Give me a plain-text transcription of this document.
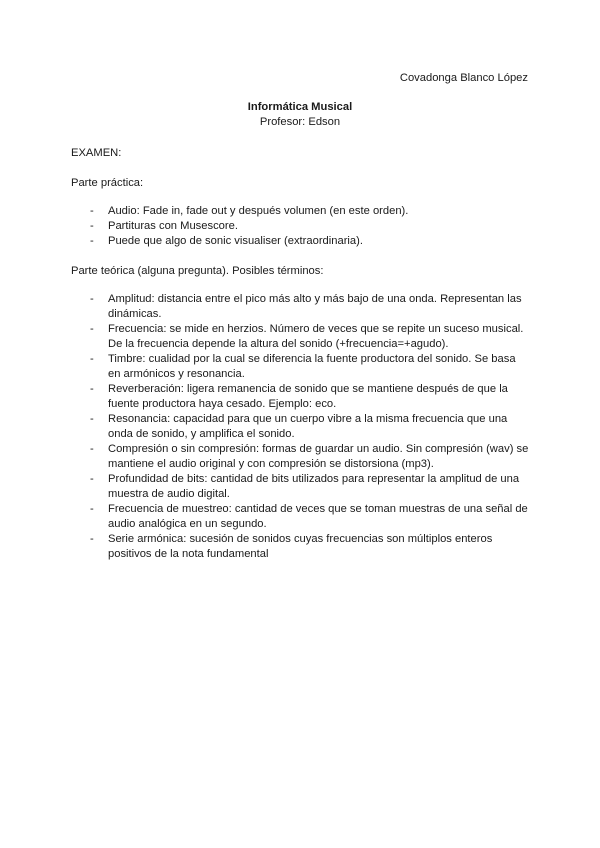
Covadonga Blanco López
Informática Musical
Profesor: Edson
EXAMEN:
Parte práctica:
- Audio: Fade in, fade out y después volumen (en este orden).
- Partituras con Musescore.
- Puede que algo de sonic visualiser (extraordinaria).
Parte teórica (alguna pregunta). Posibles términos:
- Amplitud: distancia entre el pico más alto y más bajo de una onda. Representan las dinámicas.
- Frecuencia: se mide en herzios. Número de veces que se repite un suceso musical. De la frecuencia depende la altura del sonido (+frecuencia=+agudo).
- Timbre: cualidad por la cual se diferencia la fuente productora del sonido. Se basa en armónicos y resonancia.
- Reverberación: ligera remanencia de sonido que se mantiene después de que la fuente productora haya cesado. Ejemplo: eco.
- Resonancia: capacidad para que un cuerpo vibre a la misma frecuencia que una onda de sonido, y amplifica el sonido.
- Compresión o sin compresión: formas de guardar un audio. Sin compresión (wav) se mantiene el audio original y con compresión se distorsiona (mp3).
- Profundidad de bits: cantidad de bits utilizados para representar la amplitud de una muestra de audio digital.
- Frecuencia de muestreo: cantidad de veces que se toman muestras de una señal de audio analógica en un segundo.
- Serie armónica: sucesión de sonidos cuyas frecuencias son múltiplos enteros positivos de la nota fundamental
